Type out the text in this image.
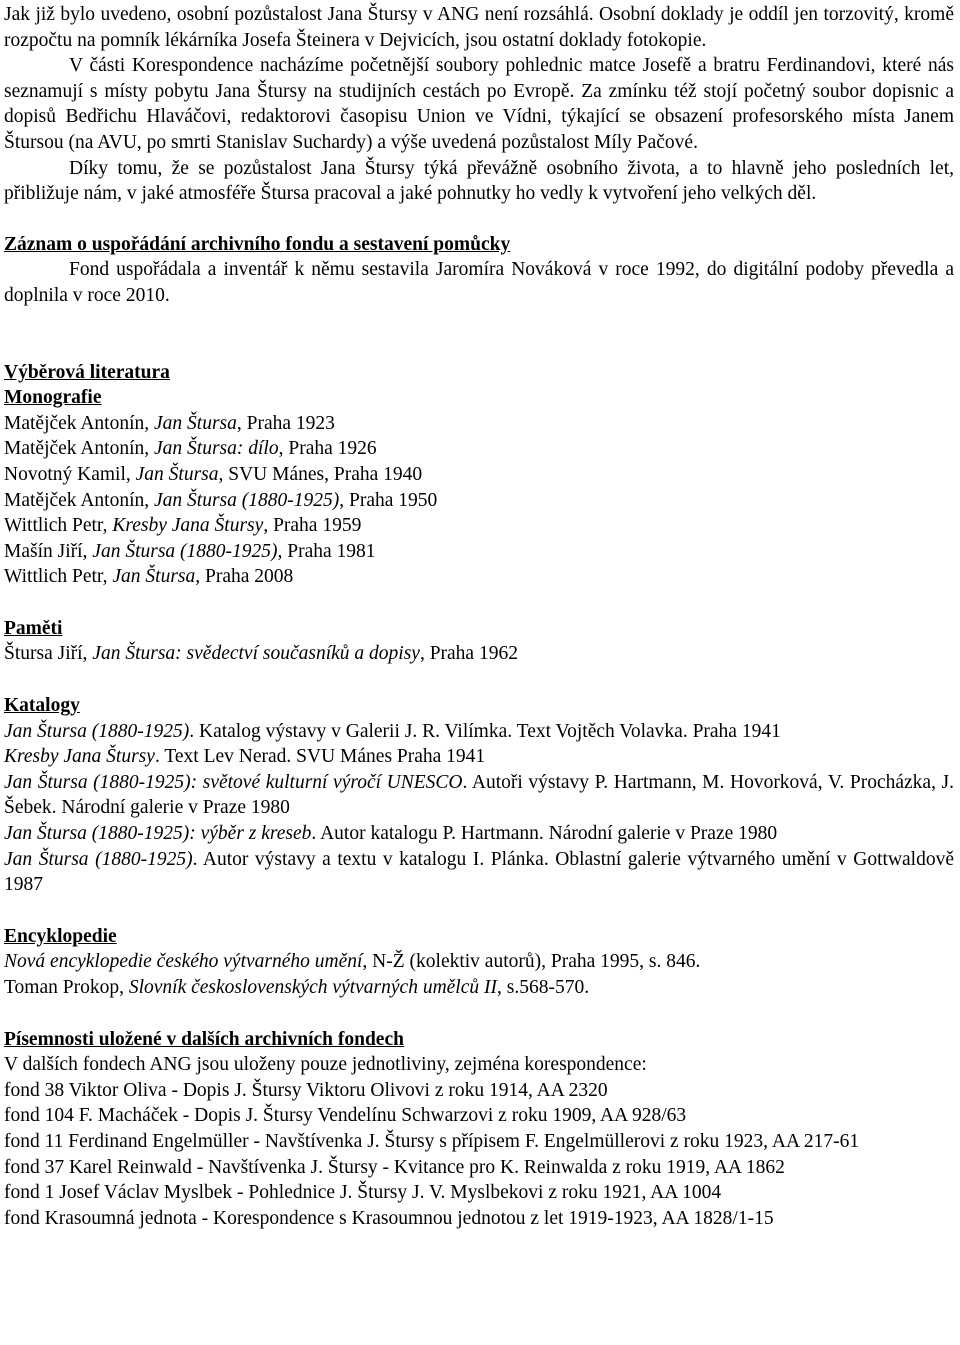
Jak již bylo uvedeno, osobní pozůstalost Jana Štursy v ANG není rozsáhlá. Osobní doklady je oddíl jen torzovitý, kromě rozpočtu na pomník lékárníka Josefa Šteinera v Dejvicích, jsou ostatní doklady fotokopie.

V části Korespondence nacházíme početnější soubory pohlednic matce Josefě a bratru Ferdinandovi, které nás seznamují s místy pobytu Jana Štursy na studijních cestách po Evropě. Za zmínku též stojí početný soubor dopisnic a dopisů Bedřichu Hlaváčovi, redaktorovi časopisu Union ve Vídni, týkající se obsazení profesorského místa Janem Štursou (na AVU, po smrti Stanislav Suchardy) a výše uvedená pozůstalost Míly Pačové.

Díky tomu, že se pozůstalost Jana Štursy týká převážně osobního života, a to hlavně jeho posledních let, přibližuje nám, v jaké atmosféře Štursa pracoval a jaké pohnutky ho vedly k vytvoření jeho velkých děl.

Záznam o uspořádání archivního fondu a sestavení pomůcky

Fond uspořádala a inventář k němu sestavila Jaromíra Nováková v roce 1992, do digitální podoby převedla a doplnila v roce 2010.

Výběrová literatura

Monografie

Matějček Antonín, Jan Štursa, Praha 1923

Matějček Antonín, Jan Štursa: dílo, Praha 1926

Novotný Kamil, Jan Štursa, SVU Mánes, Praha 1940

Matějček Antonín, Jan Štursa (1880-1925), Praha 1950

Wittlich Petr, Kresby Jana Štursy, Praha 1959

Mašín Jiří, Jan Štursa (1880-1925), Praha 1981

Wittlich Petr, Jan Štursa, Praha 2008

Paměti

Štursa Jiří, Jan Štursa: svědectví současníků a dopisy, Praha 1962

Katalogy

Jan Štursa (1880-1925). Katalog výstavy v Galerii J. R. Vilímka. Text Vojtěch Volavka. Praha 1941

Kresby Jana Štursy. Text Lev Nerad. SVU Mánes Praha 1941

Jan Štursa (1880-1925): světové kulturní výročí UNESCO. Autoři výstavy P. Hartmann, M. Hovorková, V. Procházka, J. Šebek. Národní galerie v Praze 1980

Jan Štursa (1880-1925): výběr z kreseb. Autor katalogu P. Hartmann. Národní galerie v Praze 1980

Jan Štursa (1880-1925). Autor výstavy a textu v katalogu I. Plánka. Oblastní galerie výtvarného umění v Gottwaldově 1987

Encyklopedie

Nová encyklopedie českého výtvarného umění, N-Ž (kolektiv autorů), Praha 1995, s. 846.

Toman Prokop, Slovník československých výtvarných umělců II, s.568-570.

Písemnosti uložené v dalších archivních fondech

V dalších fondech ANG jsou uloženy pouze jednotliviny, zejména korespondence:

fond 38 Viktor Oliva - Dopis J. Štursy Viktoru Olivovi z roku 1914, AA 2320

fond 104 F. Macháček - Dopis J. Štursy Vendelínu Schwarzovi z roku 1909, AA 928/63

fond 11 Ferdinand Engelmüller - Navštívenka J. Štursy s přípisem F. Engelmüllerovi z roku 1923, AA 217-61

fond 37 Karel Reinwald - Navštívenka J. Štursy - Kvitance pro K. Reinwalda z roku 1919, AA 1862

fond 1 Josef Václav Myslbek - Pohlednice J. Štursy J. V. Myslbekovi z roku 1921, AA 1004

fond Krasoumná jednota - Korespondence s Krasoumnou jednotou z let 1919-1923, AA 1828/1-15
